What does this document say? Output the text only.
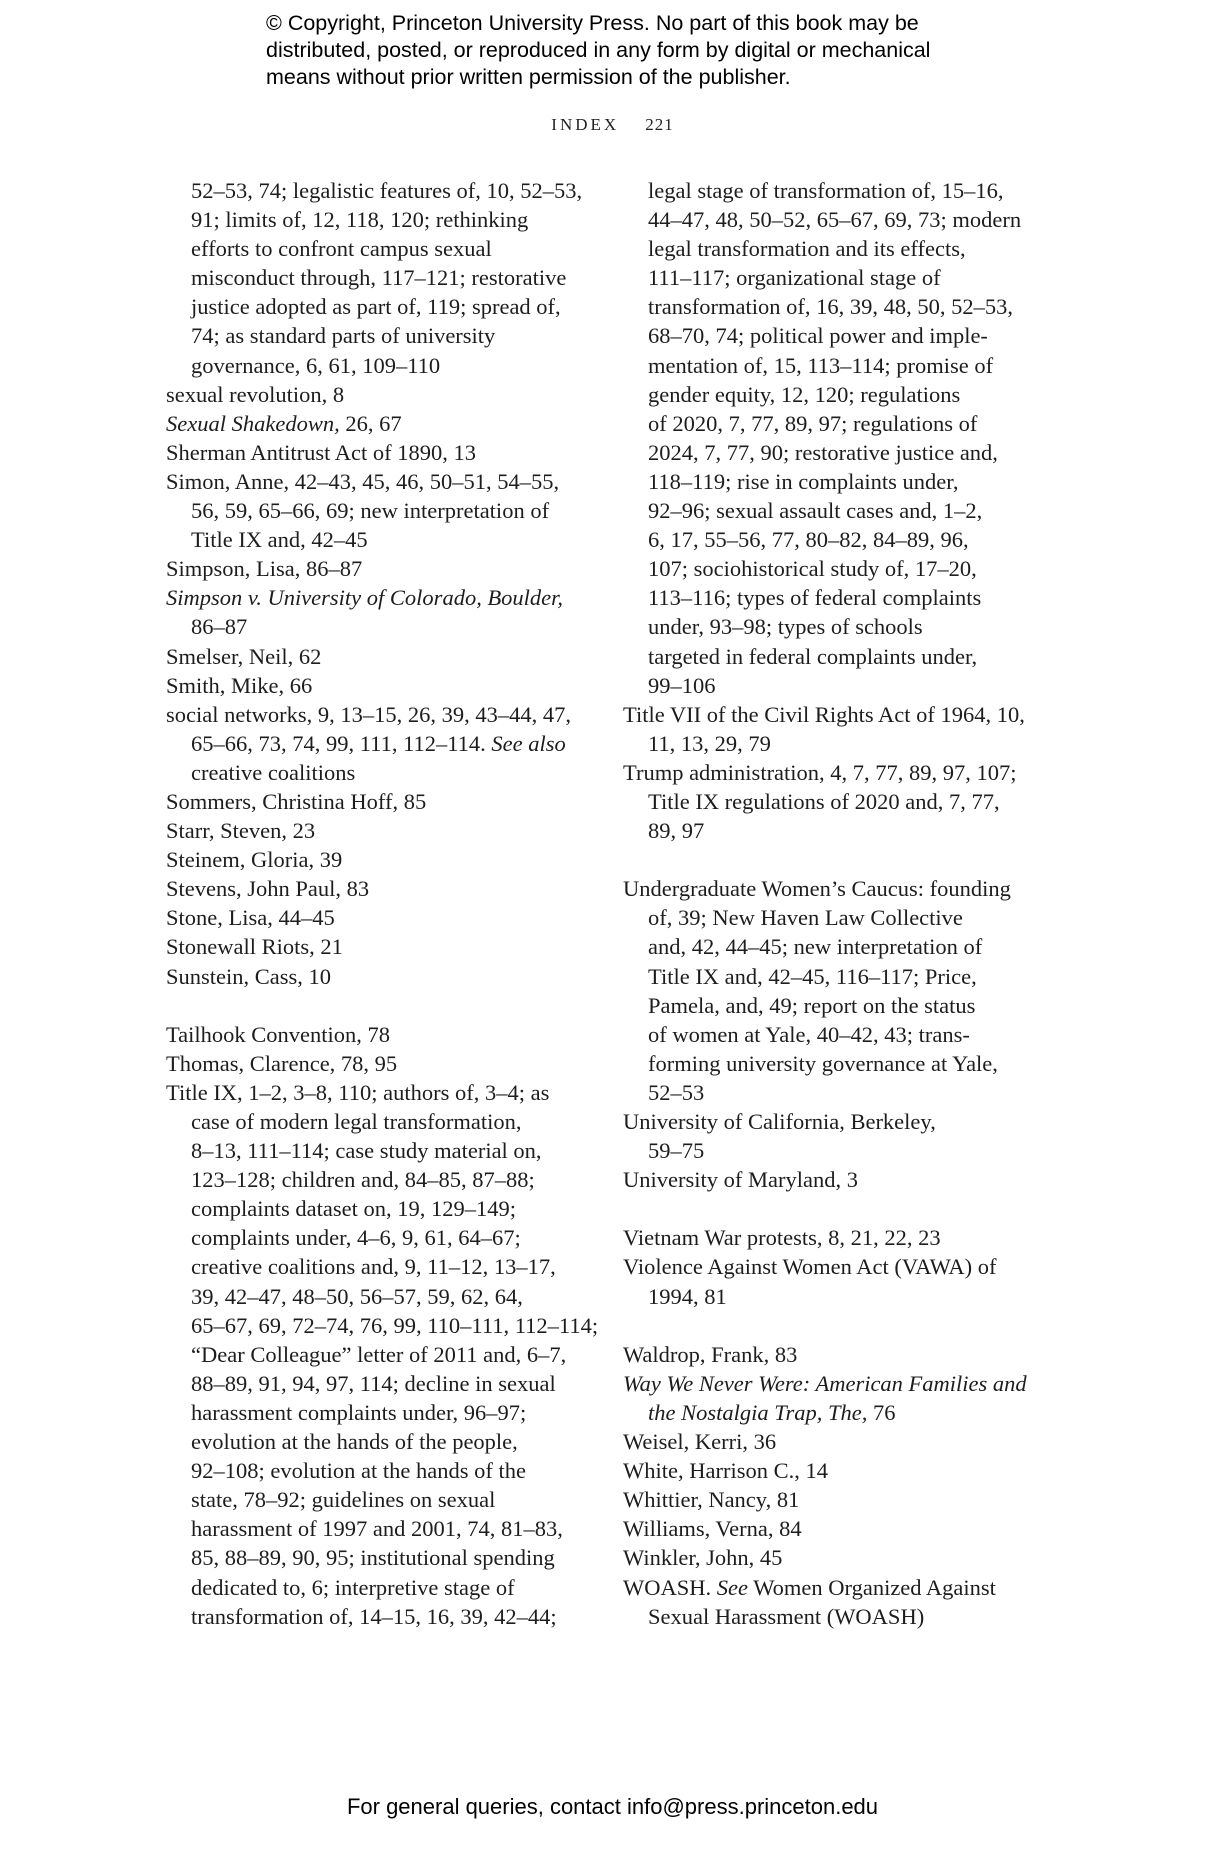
© Copyright, Princeton University Press. No part of this book may be
distributed, posted, or reproduced in any form by digital or mechanical
means without prior written permission of the publisher.
INDEX 221
52–53, 74; legalistic features of, 10, 52–53,
91; limits of, 12, 118, 120; rethinking
efforts to confront campus sexual
misconduct through, 117–121; restorative
justice adopted as part of, 119; spread of,
74; as standard parts of university
governance, 6, 61, 109–110
sexual revolution, 8
Sexual Shakedown, 26, 67
Sherman Antitrust Act of 1890, 13
Simon, Anne, 42–43, 45, 46, 50–51, 54–55,
56, 59, 65–66, 69; new interpretation of
Title IX and, 42–45
Simpson, Lisa, 86–87
Simpson v. University of Colorado, Boulder,
86–87
Smelser, Neil, 62
Smith, Mike, 66
social networks, 9, 13–15, 26, 39, 43–44, 47,
65–66, 73, 74, 99, 111, 112–114. See also
creative coalitions
Sommers, Christina Hoff, 85
Starr, Steven, 23
Steinem, Gloria, 39
Stevens, John Paul, 83
Stone, Lisa, 44–45
Stonewall Riots, 21
Sunstein, Cass, 10
Tailhook Convention, 78
Thomas, Clarence, 78, 95
Title IX, 1–2, 3–8, 110; authors of, 3–4; as
case of modern legal transformation,
8–13, 111–114; case study material on,
123–128; children and, 84–85, 87–88;
complaints dataset on, 19, 129–149;
complaints under, 4–6, 9, 61, 64–67;
creative coalitions and, 9, 11–12, 13–17,
39, 42–47, 48–50, 56–57, 59, 62, 64,
65–67, 69, 72–74, 76, 99, 110–111, 112–114;
“Dear Colleague” letter of 2011 and, 6–7,
88–89, 91, 94, 97, 114; decline in sexual
harassment complaints under, 96–97;
evolution at the hands of the people,
92–108; evolution at the hands of the
state, 78–92; guidelines on sexual
harassment of 1997 and 2001, 74, 81–83,
85, 88–89, 90, 95; institutional spending
dedicated to, 6; interpretive stage of
transformation of, 14–15, 16, 39, 42–44;
legal stage of transformation of, 15–16,
44–47, 48, 50–52, 65–67, 69, 73; modern
legal transformation and its effects,
111–117; organizational stage of
transformation of, 16, 39, 48, 50, 52–53,
68–70, 74; political power and imple-
mentation of, 15, 113–114; promise of
gender equity, 12, 120; regulations
of 2020, 7, 77, 89, 97; regulations of
2024, 7, 77, 90; restorative justice and,
118–119; rise in complaints under,
92–96; sexual assault cases and, 1–2,
6, 17, 55–56, 77, 80–82, 84–89, 96,
107; sociohistorical study of, 17–20,
113–116; types of federal complaints
under, 93–98; types of schools
targeted in federal complaints under,
99–106
Title VII of the Civil Rights Act of 1964, 10,
11, 13, 29, 79
Trump administration, 4, 7, 77, 89, 97, 107;
Title IX regulations of 2020 and, 7, 77,
89, 97
Undergraduate Women’s Caucus: founding
of, 39; New Haven Law Collective
and, 42, 44–45; new interpretation of
Title IX and, 42–45, 116–117; Price,
Pamela, and, 49; report on the status
of women at Yale, 40–42, 43; trans-
forming university governance at Yale,
52–53
University of California, Berkeley,
59–75
University of Maryland, 3
Vietnam War protests, 8, 21, 22, 23
Violence Against Women Act (VAWA) of
1994, 81
Waldrop, Frank, 83
Way We Never Were: American Families and
the Nostalgia Trap, The, 76
Weisel, Kerri, 36
White, Harrison C., 14
Whittier, Nancy, 81
Williams, Verna, 84
Winkler, John, 45
WOASH. See Women Organized Against
Sexual Harassment (WOASH)
For general queries, contact info@press.princeton.edu
